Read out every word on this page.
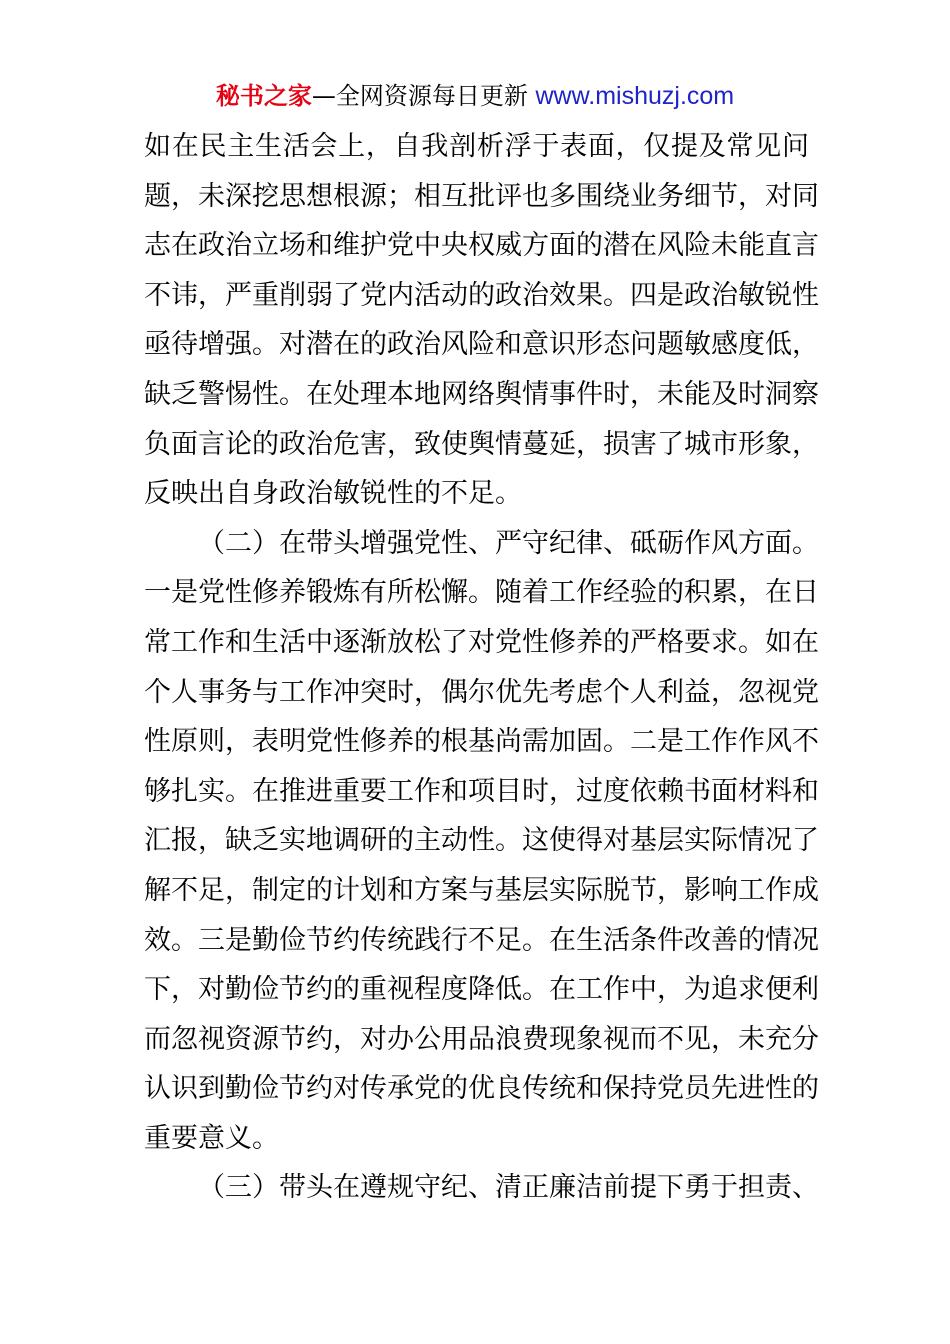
秘书之家—全网资源每日更新 www.mishuzj.com
如在民主生活会上，自我剖析浮于表面，仅提及常见问
题，未深挖思想根源；相互批评也多围绕业务细节，对同
志在政治立场和维护党中央权威方面的潜在风险未能直言
不讳，严重削弱了党内活动的政治效果。四是政治敏锐性
亟待增强。对潜在的政治风险和意识形态问题敏感度低，
缺乏警惕性。在处理本地网络舆情事件时，未能及时洞察
负面言论的政治危害，致使舆情蔓延，损害了城市形象，
反映出自身政治敏锐性的不足。
（二）在带头增强党性、严守纪律、砥砺作风方面。
一是党性修养锻炼有所松懈。随着工作经验的积累，在日
常工作和生活中逐渐放松了对党性修养的严格要求。如在
个人事务与工作冲突时，偶尔优先考虑个人利益，忽视党
性原则，表明党性修养的根基尚需加固。二是工作作风不
够扎实。在推进重要工作和项目时，过度依赖书面材料和
汇报，缺乏实地调研的主动性。这使得对基层实际情况了
解不足，制定的计划和方案与基层实际脱节，影响工作成
效。三是勤俭节约传统践行不足。在生活条件改善的情况
下，对勤俭节约的重视程度降低。在工作中，为追求便利
而忽视资源节约，对办公用品浪费现象视而不见，未充分
认识到勤俭节约对传承党的优良传统和保持党员先进性的
重要意义。
（三）带头在遵规守纪、清正廉洁前提下勇于担责、
